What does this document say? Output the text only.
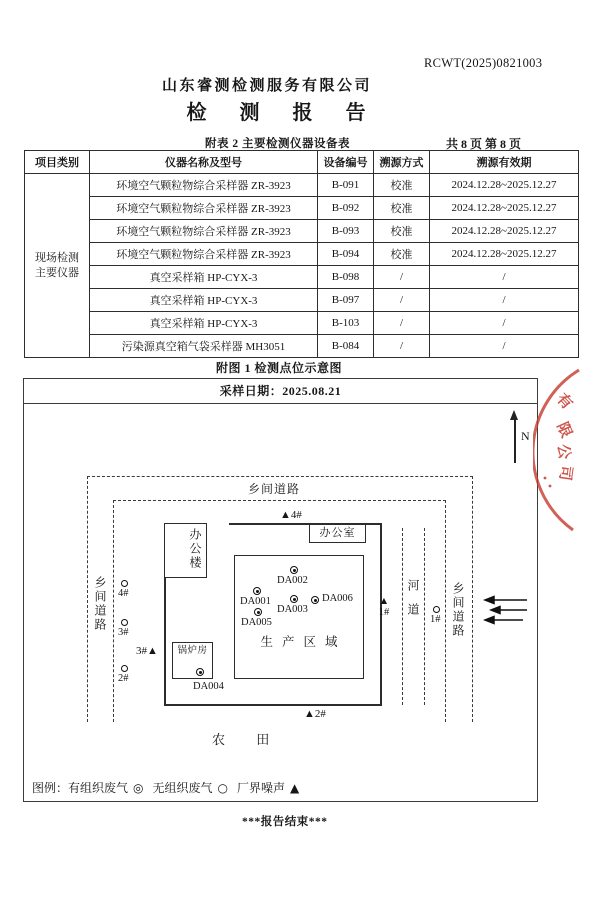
RCWT(2025)0821003
山东睿测检测服务有限公司
检 测 报 告
附表 2 主要检测仪器设备表	共 8 页 第 8 页
项目类别	仪器名称及型号	设备编号	溯源方式	溯源有效期

现场检测
主要仪器	环境空气颗粒物综合采样器 ZR-3923	B-091	校准	2024.12.28~2025.12.27
	环境空气颗粒物综合采样器 ZR-3923	B-092	校准	2024.12.28~2025.12.27
	环境空气颗粒物综合采样器 ZR-3923	B-093	校准	2024.12.28~2025.12.27
	环境空气颗粒物综合采样器 ZR-3923	B-094	校准	2024.12.28~2025.12.27
	真空采样箱 HP-CYX-3	B-098	/	/
	真空采样箱 HP-CYX-3	B-097	/	/
	真空采样箱 HP-CYX-3	B-103	/	/
	污染源真空箱气袋采样器 MH3051	B-084	/	/
附图 1 检测点位示意图
采样日期：2025.08.21
N
乡间道路
乡间道路	乡间道路
河道
办公楼	办公室
生产区域
锅炉房
DA001
DA002
DA003
DA005
DA006
DA004
4#
3#
2#
1#
▲4#
▲
1#
3#▲
▲2#
农田
图例： 有组织废气 ◎ 无组织废气 ○ 厂界噪声 ▲
有
限
公
司
***报告结束***
